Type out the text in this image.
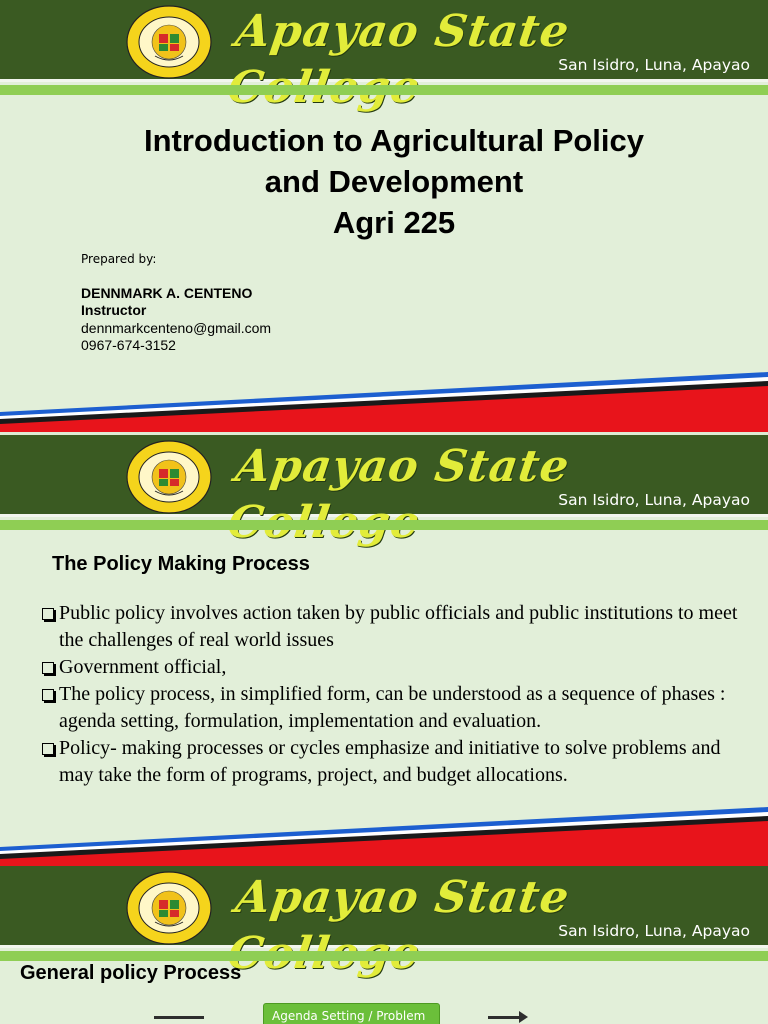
Apayao State
San Isidro, Luna, Apayao
Introduction to Agricultural Policy
and Development
Agri 225
Prepared by:
DENNMARK A. CENTENO
Instructor
dennmarkcenteno@gmail.com
0967-674-3152
Apayao State
San Isidro, Luna, Apayao
The Policy Making Process
Public policy involves action taken by public officials and public institutions to meet the challenges of real world issues
Government official,
The policy process, in simplified form, can be understood as a sequence of phases : agenda setting, formulation, implementation and evaluation.
Policy- making processes or cycles emphasize and initiative to solve problems and may take the form of programs, project, and budget allocations.
Apayao State
San Isidro, Luna, Apayao
General policy Process
Agenda Setting / Problem
